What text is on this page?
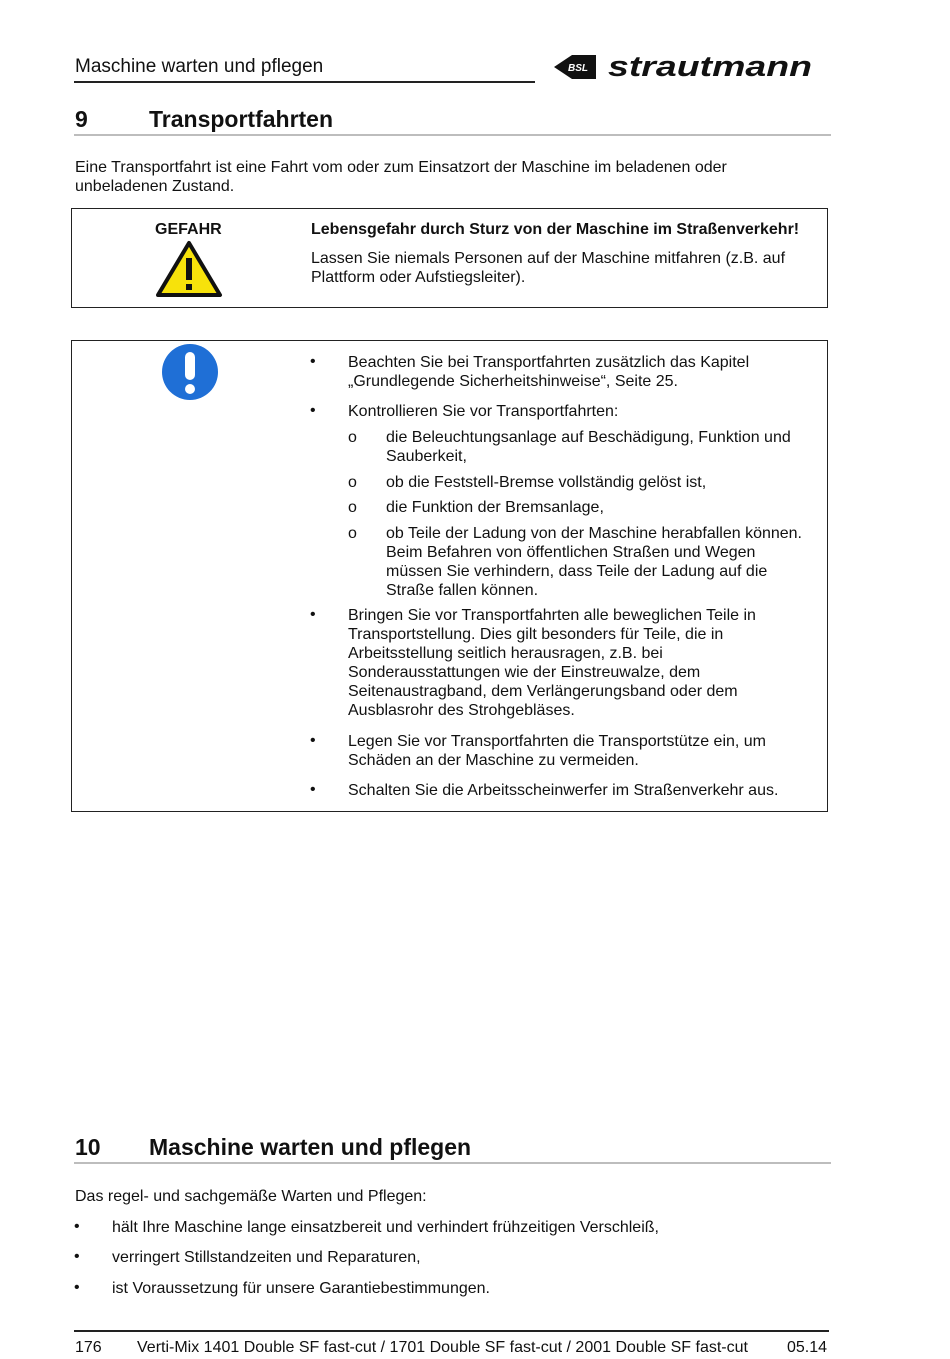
Maschine warten und pflegen	BSL strautmann
9	Transportfahrten
Eine Transportfahrt ist eine Fahrt vom oder zum Einsatzort der Maschine im beladenen oder
unbeladenen Zustand.
GEFAHR	Lebensgefahr durch Sturz von der Maschine im Straßenverkehr!
Lassen Sie niemals Personen auf der Maschine mitfahren (z.B. auf
Plattform oder Aufstiegsleiter).
• Beachten Sie bei Transportfahrten zusätzlich das Kapitel
„Grundlegende Sicherheitshinweise“, Seite 25.
• Kontrollieren Sie vor Transportfahrten:
ο die Beleuchtungsanlage auf Beschädigung, Funktion und
Sauberkeit,
ο ob die Feststell-Bremse vollständig gelöst ist,
ο die Funktion der Bremsanlage,
ο ob Teile der Ladung von der Maschine herabfallen können.
Beim Befahren von öffentlichen Straßen und Wegen
müssen Sie verhindern, dass Teile der Ladung auf die
Straße fallen können.
• Bringen Sie vor Transportfahrten alle beweglichen Teile in
Transportstellung. Dies gilt besonders für Teile, die in
Arbeitsstellung seitlich herausragen, z.B. bei
Sonderausstattungen wie der Einstreuwalze, dem
Seitenaustragband, dem Verlängerungsband oder dem
Ausblasrohr des Strohgebläses.
• Legen Sie vor Transportfahrten die Transportstütze ein, um
Schäden an der Maschine zu vermeiden.
• Schalten Sie die Arbeitsscheinwerfer im Straßenverkehr aus.
10 Maschine warten und pflegen
Das regel- und sachgemäße Warten und Pflegen:
• hält Ihre Maschine lange einsatzbereit und verhindert frühzeitigen Verschleiß,
• verringert Stillstandzeiten und Reparaturen,
• ist Voraussetzung für unsere Garantiebestimmungen.
176 Verti-Mix 1401 Double SF fast-cut / 1701 Double SF fast-cut / 2001 Double SF fast-cut 05.14
